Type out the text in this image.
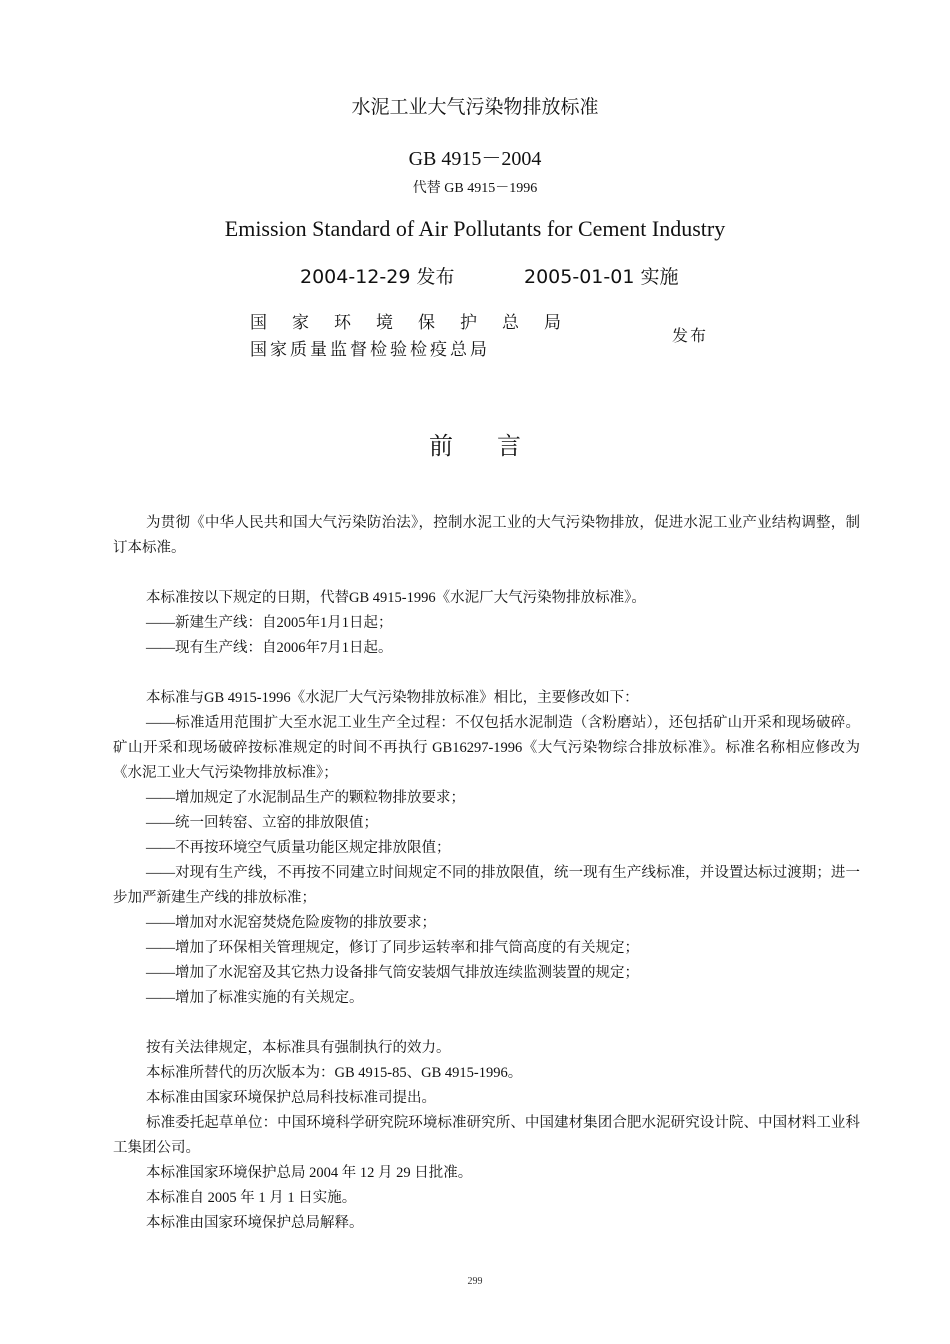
水泥工业大气污染物排放标准
GB 4915－2004
代替 GB 4915－1996
Emission Standard of Air Pollutants for Cement Industry
2004-12-29 发布	2005-01-01 实施
国家环境保护总局
国家质量监督检验检疫总局
发布
前言

为贯彻《中华人民共和国大气污染防治法》，控制水泥工业的大气污染物排放，促进水泥工业产业结构调整，制订本标准。

本标准按以下规定的日期，代替GB 4915-1996《水泥厂大气污染物排放标准》。

——新建生产线：自2005年1月1日起；

——现有生产线：自2006年7月1日起。

本标准与GB 4915-1996《水泥厂大气污染物排放标准》相比，主要修改如下：

——标准适用范围扩大至水泥工业生产全过程：不仅包括水泥制造（含粉磨站），还包括矿山开采和现场破碎。矿山开采和现场破碎按标准规定的时间不再执行 GB16297-1996《大气污染物综合排放标准》。标准名称相应修改为《水泥工业大气污染物排放标准》；

——增加规定了水泥制品生产的颗粒物排放要求；

——统一回转窑、立窑的排放限值；

——不再按环境空气质量功能区规定排放限值；

——对现有生产线，不再按不同建立时间规定不同的排放限值，统一现有生产线标准，并设置达标过渡期；进一步加严新建生产线的排放标准；

——增加对水泥窑焚烧危险废物的排放要求；

——增加了环保相关管理规定，修订了同步运转率和排气筒高度的有关规定；

——增加了水泥窑及其它热力设备排气筒安装烟气排放连续监测装置的规定；

——增加了标准实施的有关规定。

按有关法律规定，本标准具有强制执行的效力。

本标准所替代的历次版本为：GB 4915-85、GB 4915-1996。

本标准由国家环境保护总局科技标准司提出。

标准委托起草单位：中国环境科学研究院环境标准研究所、中国建材集团合肥水泥研究设计院、中国材料工业科工集团公司。

本标准国家环境保护总局 2004 年 12 月 29 日批准。

本标准自 2005 年 1 月 1 日实施。

本标准由国家环境保护总局解释。

299
